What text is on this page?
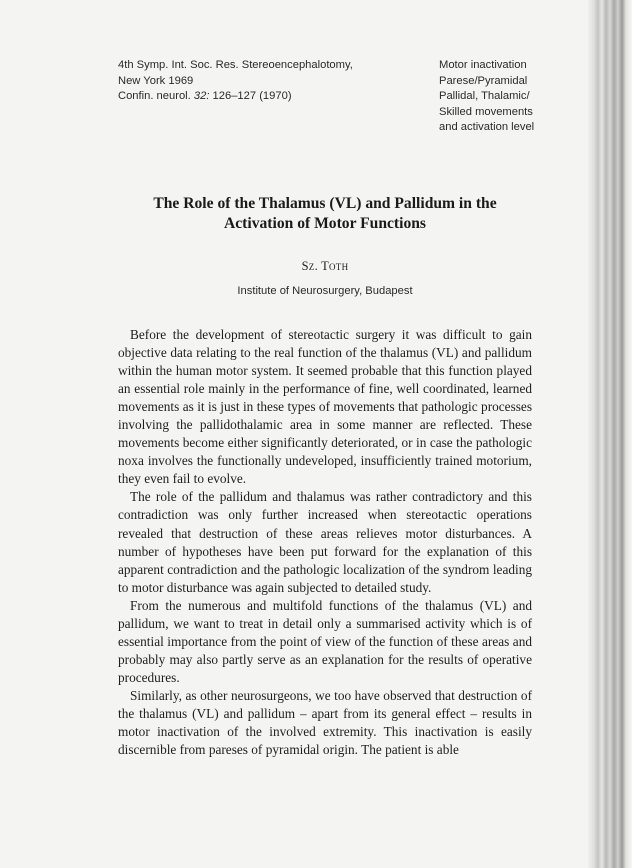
4th Symp. Int. Soc. Res. Stereoencephalotomy,
New York 1969
Confin. neurol. 32: 126–127 (1970)
Motor inactivation
Parese/Pyramidal
Pallidal, Thalamic/
Skilled movements
and activation level
The Role of the Thalamus (VL) and Pallidum in the
Activation of Motor Functions
Sz. Toth
Institute of Neurosurgery, Budapest

Before the development of stereotactic surgery it was difficult to gain objective data relating to the real function of the thalamus (VL) and pallidum within the human motor system. It seemed probable that this function played an essential role mainly in the performance of fine, well coordinated, learned movements as it is just in these types of movements that pathologic processes involving the pallidothalamic area in some manner are reflected. These movements become either significantly deteriorated, or in case the pathologic noxa involves the functionally undeveloped, insufficiently trained motorium, they even fail to evolve.

The role of the pallidum and thalamus was rather contradictory and this contradiction was only further increased when stereotactic operations revealed that destruction of these areas relieves motor disturbances. A number of hypotheses have been put forward for the explanation of this apparent contradiction and the pathologic localization of the syndrom leading to motor disturbance was again subjected to detailed study.

From the numerous and multifold functions of the thalamus (VL) and pallidum, we want to treat in detail only a summarised activity which is of essential importance from the point of view of the function of these areas and probably may also partly serve as an explanation for the results of operative procedures.

Similarly, as other neurosurgeons, we too have observed that destruction of the thalamus (VL) and pallidum – apart from its general effect – results in motor inactivation of the involved extremity. This inactivation is easily discernible from pareses of pyramidal origin. The patient is able
